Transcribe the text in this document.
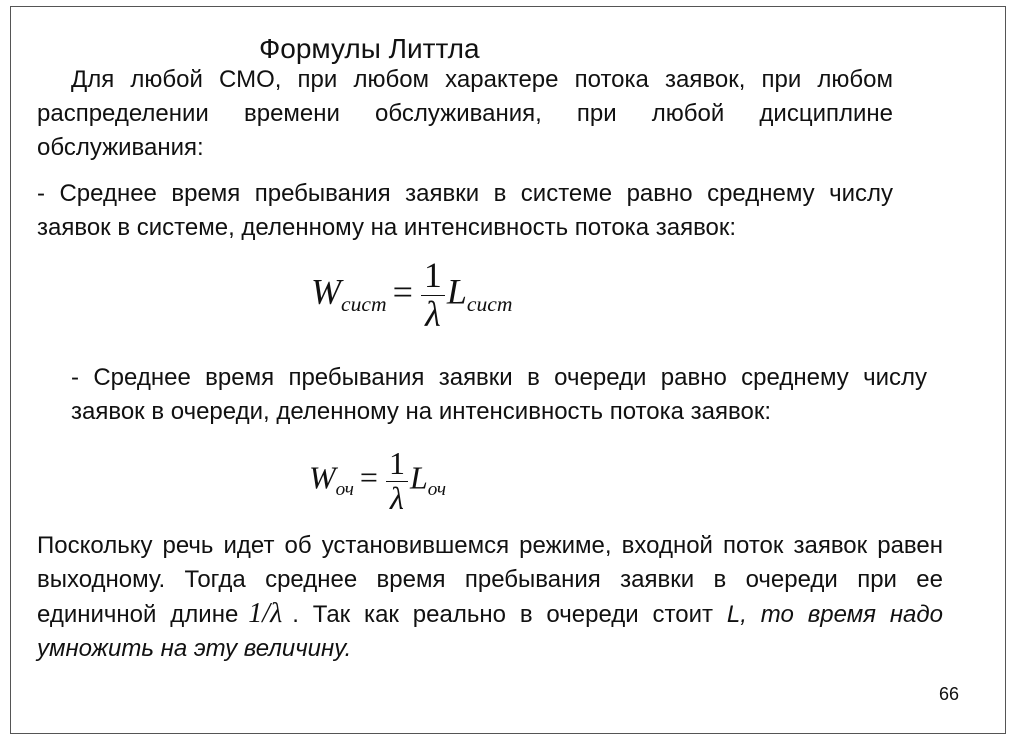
Формулы Литтла
Для любой СМО, при любом характере потока заявок, при любом распределении времени обслуживания, при любой дисциплине обслуживания:
- Среднее время пребывания заявки в системе равно среднему числу заявок в системе, деленному на интенсивность потока заявок:
$W_{сист} = \frac{1}{\lambda} L_{сист}$
- Среднее время пребывания заявки в очереди равно среднему числу заявок в очереди, деленному на интенсивность потока заявок:
$W_{оч} = \frac{1}{\lambda} L_{оч}$
Поскольку речь идет об установившемся режиме, входной поток заявок равен выходному. Тогда среднее время пребывания заявки в очереди при ее единичной длине 1/λ . Так как реально в очереди стоит L, то время надо умножить на эту величину.
66
